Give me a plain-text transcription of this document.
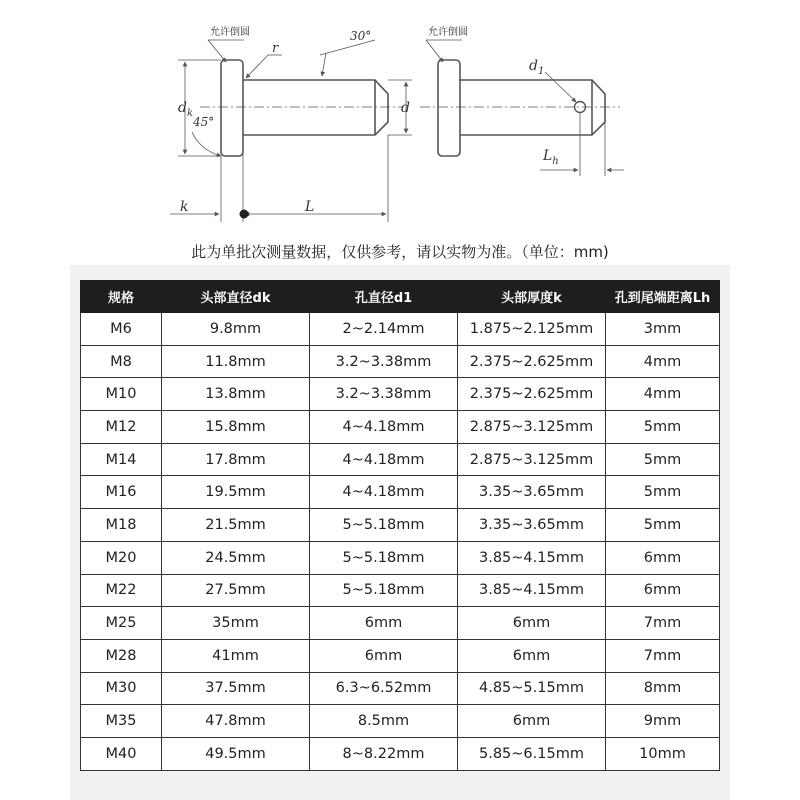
允许倒圆
r
30°
$d_k$
45°
d
k	L
允许倒圆
$d_1$
$L_h$
此为单批次测量数据，仅供参考，请以实物为准。（单位：mm)
规格	头部直径dk	孔直径d1	头部厚度k	孔到尾端距离Lh
M6	9.8mm	2~2.14mm	1.875~2.125mm	3mm
M8	11.8mm	3.2~3.38mm	2.375~2.625mm	4mm
M10	13.8mm	3.2~3.38mm	2.375~2.625mm	4mm
M12	15.8mm	4~4.18mm	2.875~3.125mm	5mm
M14	17.8mm	4~4.18mm	2.875~3.125mm	5mm
M16	19.5mm	4~4.18mm	3.35~3.65mm	5mm
M18	21.5mm	5~5.18mm	3.35~3.65mm	5mm
M20	24.5mm	5~5.18mm	3.85~4.15mm	6mm
M22	27.5mm	5~5.18mm	3.85~4.15mm	6mm
M25	35mm	6mm	6mm	7mm
M28	41mm	6mm	6mm	7mm
M30	37.5mm	6.3~6.52mm	4.85~5.15mm	8mm
M35	47.8mm	8.5mm	6mm	9mm
M40	49.5mm	8~8.22mm	5.85~6.15mm	10mm
